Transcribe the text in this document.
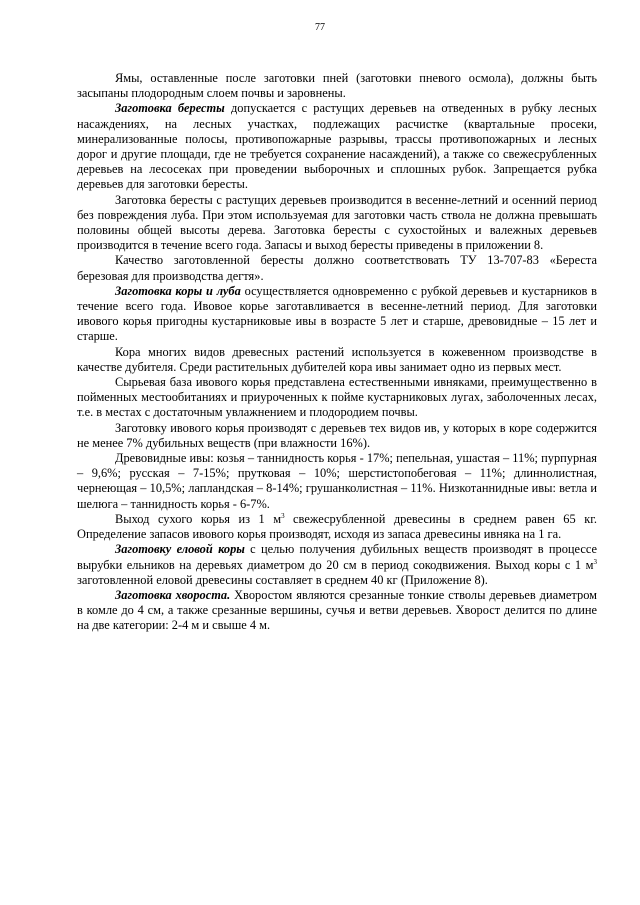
77

Ямы, оставленные после заготовки пней (заготовки пневого осмола), должны быть засыпаны плодородным слоем почвы и заровнены.

Заготовка бересты допускается с растущих деревьев на отведенных в рубку лесных насаждениях, на лесных участках, подлежащих расчистке (квартальные просеки, минерализованные полосы, противопожарные разрывы, трассы противопожарных и лесных дорог и другие площади, где не требуется сохранение насаждений), а также со свежесрубленных деревьев на лесосеках при проведении выборочных и сплошных рубок. Запрещается рубка деревьев для заготовки бересты.

Заготовка бересты с растущих деревьев производится в весенне-летний и осенний период без повреждения луба. При этом используемая для заготовки часть ствола не должна превышать половины общей высоты дерева. Заготовка бересты с сухостойных и валежных деревьев производится в течение всего года. Запасы и выход бересты приведены в приложении 8.

Качество заготовленной бересты должно соответствовать ТУ 13-707-83 «Береста березовая для производства дегтя».

Заготовка коры и луба осуществляется одновременно с рубкой деревьев и кустарников в течение всего года. Ивовое корье заготавливается в весенне-летний период. Для заготовки ивового корья пригодны кустарниковые ивы в возрасте 5 лет и старше, древовидные – 15 лет и старше.

Кора многих видов древесных растений используется в кожевенном производстве в качестве дубителя. Среди растительных дубителей кора ивы занимает одно из первых мест.

Сырьевая база ивового корья представлена естественными ивняками, преимущественно в пойменных местообитаниях и приуроченных к пойме кустарниковых лугах, заболоченных лесах, т.е. в местах с достаточным увлажнением и плодородием почвы.

Заготовку ивового корья производят с деревьев тех видов ив, у которых в коре содержится не менее 7% дубильных веществ (при влажности 16%).

Древовидные ивы: козья – таннидность корья - 17%; пепельная, ушастая – 11%; пурпурная – 9,6%; русская – 7-15%; прутковая – 10%; шерстистопобеговая – 11%; длиннолистная, чернеющая – 10,5%; лапландская – 8-14%; грушанколистная – 11%. Низкотаннидные ивы: ветла и шелюга – таннидность корья - 6-7%.

Выход сухого корья из 1 $м^3$ свежесрубленной древесины в среднем равен 65 кг. Определение запасов ивового корья производят, исходя из запаса древесины ивняка на 1 га.

Заготовку еловой коры с целью получения дубильных веществ производят в процессе вырубки ельников на деревьях диаметром до 20 см в период сокодвижения. Выход коры с 1 $м^3$ заготовленной еловой древесины составляет в среднем 40 кг (Приложение 8).

Заготовка хвороста. Хворостом являются срезанные тонкие стволы деревьев диаметром в комле до 4 см, а также срезанные вершины, сучья и ветви деревьев. Хворост делится по длине на две категории: 2-4 м и свыше 4 м.
